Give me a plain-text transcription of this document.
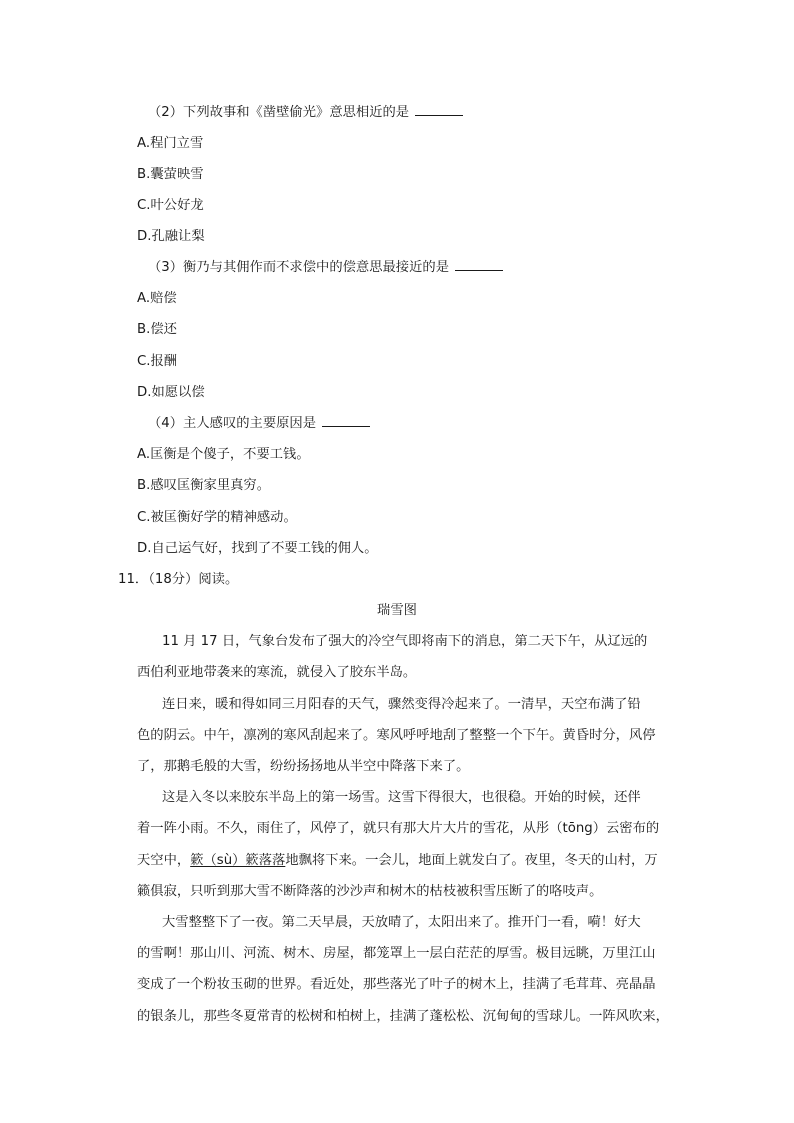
（2）下列故事和《凿壁偷光》意思相近的是
A.程门立雪
B.囊萤映雪
C.叶公好龙
D.孔融让梨
（3）衡乃与其佣作而不求偿中的偿意思最接近的是
A.赔偿
B.偿还
C.报酬
D.如愿以偿
（4）主人感叹的主要原因是
A.匡衡是个傻子，不要工钱。
B.感叹匡衡家里真穷。
C.被匡衡好学的精神感动。
D.自己运气好，找到了不要工钱的佣人。
11．（18分）阅读。
瑞雪图
11 月 17 日，气象台发布了强大的冷空气即将南下的消息，第二天下午，从辽远的
西伯利亚地带袭来的寒流，就侵入了胶东半岛。
连日来，暖和得如同三月阳春的天气，骤然变得冷起来了。一清早，天空布满了铅
色的阴云。中午，凛冽的寒风刮起来了。寒风呼呼地刮了整整一个下午。黄昏时分，风停
了，那鹅毛般的大雪，纷纷扬扬地从半空中降落下来了。
这是入冬以来胶东半岛上的第一场雪。这雪下得很大，也很稳。开始的时候，还伴
着一阵小雨。不久，雨住了，风停了，就只有那大片大片的雪花，从彤（tōng）云密布的
天空中，簌（sù）簌落落地飘将下来。一会儿，地面上就发白了。夜里，冬天的山村，万
籁俱寂，只听到那大雪不断降落的沙沙声和树木的枯枝被积雪压断了的咯吱声。
大雪整整下了一夜。第二天早晨，天放晴了，太阳出来了。推开门一看，嗬！好大
的雪啊！那山川、河流、树木、房屋，都笼罩上一层白茫茫的厚雪。极目远眺，万里江山
变成了一个粉妆玉砌的世界。看近处，那些落光了叶子的树木上，挂满了毛茸茸、亮晶晶
的银条儿，那些冬夏常青的松树和柏树上，挂满了蓬松松、沉甸甸的雪球儿。一阵风吹来，
